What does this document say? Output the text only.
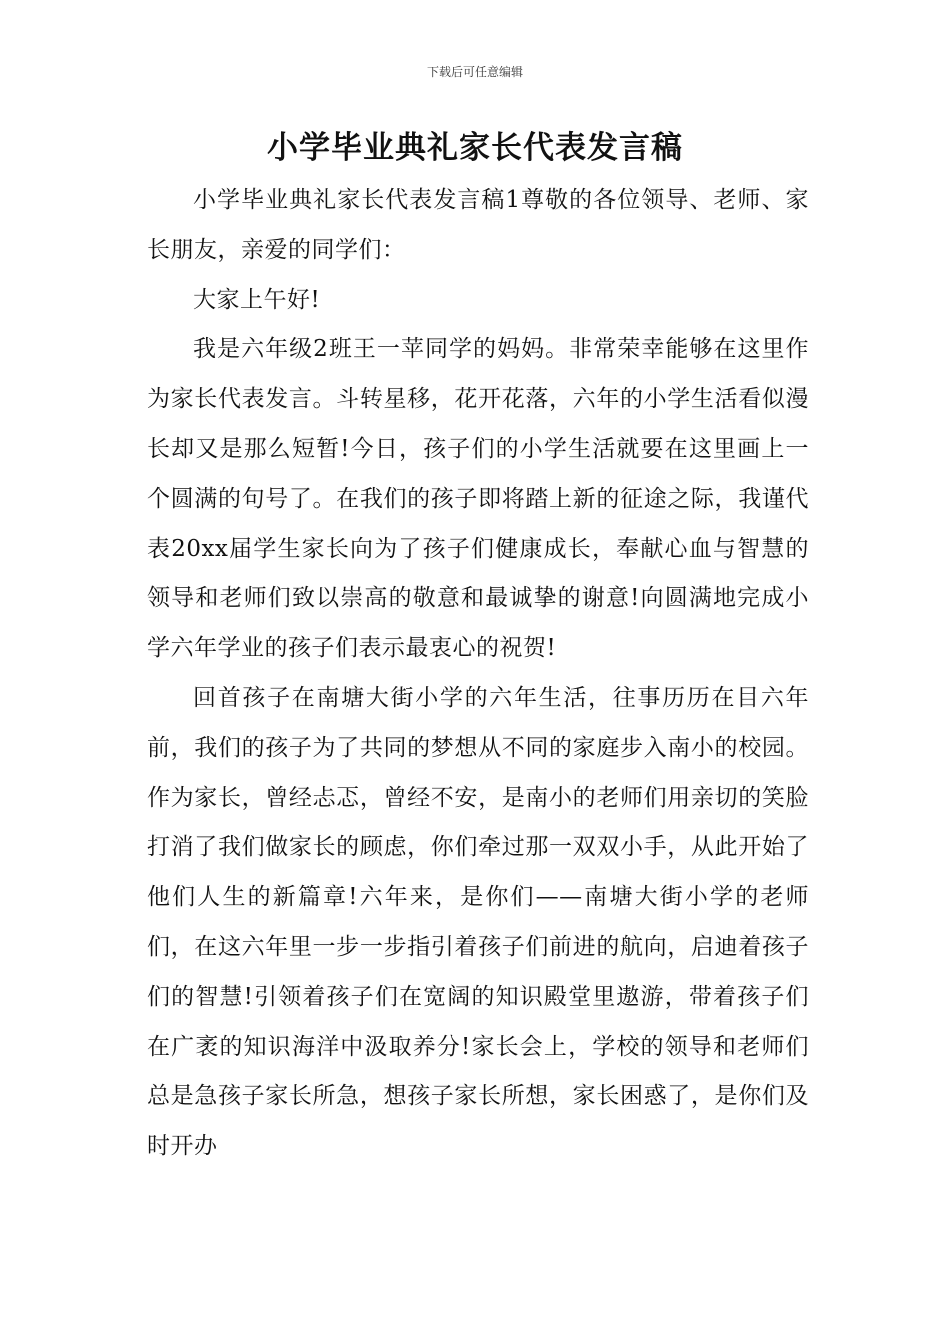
下载后可任意编辑
小学毕业典礼家长代表发言稿

小学毕业典礼家长代表发言稿1尊敬的各位领导、老师、家长朋友，亲爱的同学们：

大家上午好!

我是六年级2班王一苹同学的妈妈。非常荣幸能够在这里作为家长代表发言。斗转星移，花开花落，六年的小学生活看似漫长却又是那么短暂!今日，孩子们的小学生活就要在这里画上一个圆满的句号了。在我们的孩子即将踏上新的征途之际，我谨代表20xx届学生家长向为了孩子们健康成长，奉献心血与智慧的领导和老师们致以崇高的敬意和最诚挚的谢意!向圆满地完成小学六年学业的孩子们表示最衷心的祝贺!

回首孩子在南塘大街小学的六年生活，往事历历在目六年前，我们的孩子为了共同的梦想从不同的家庭步入南小的校园。作为家长，曾经忐忑，曾经不安，是南小的老师们用亲切的笑脸打消了我们做家长的顾虑，你们牵过那一双双小手，从此开始了他们人生的新篇章!六年来，是你们——南塘大街小学的老师们，在这六年里一步一步指引着孩子们前进的航向，启迪着孩子们的智慧!引领着孩子们在宽阔的知识殿堂里遨游，带着孩子们在广袤的知识海洋中汲取养分!家长会上，学校的领导和老师们总是急孩子家长所急，想孩子家长所想，家长困惑了，是你们及时开办
